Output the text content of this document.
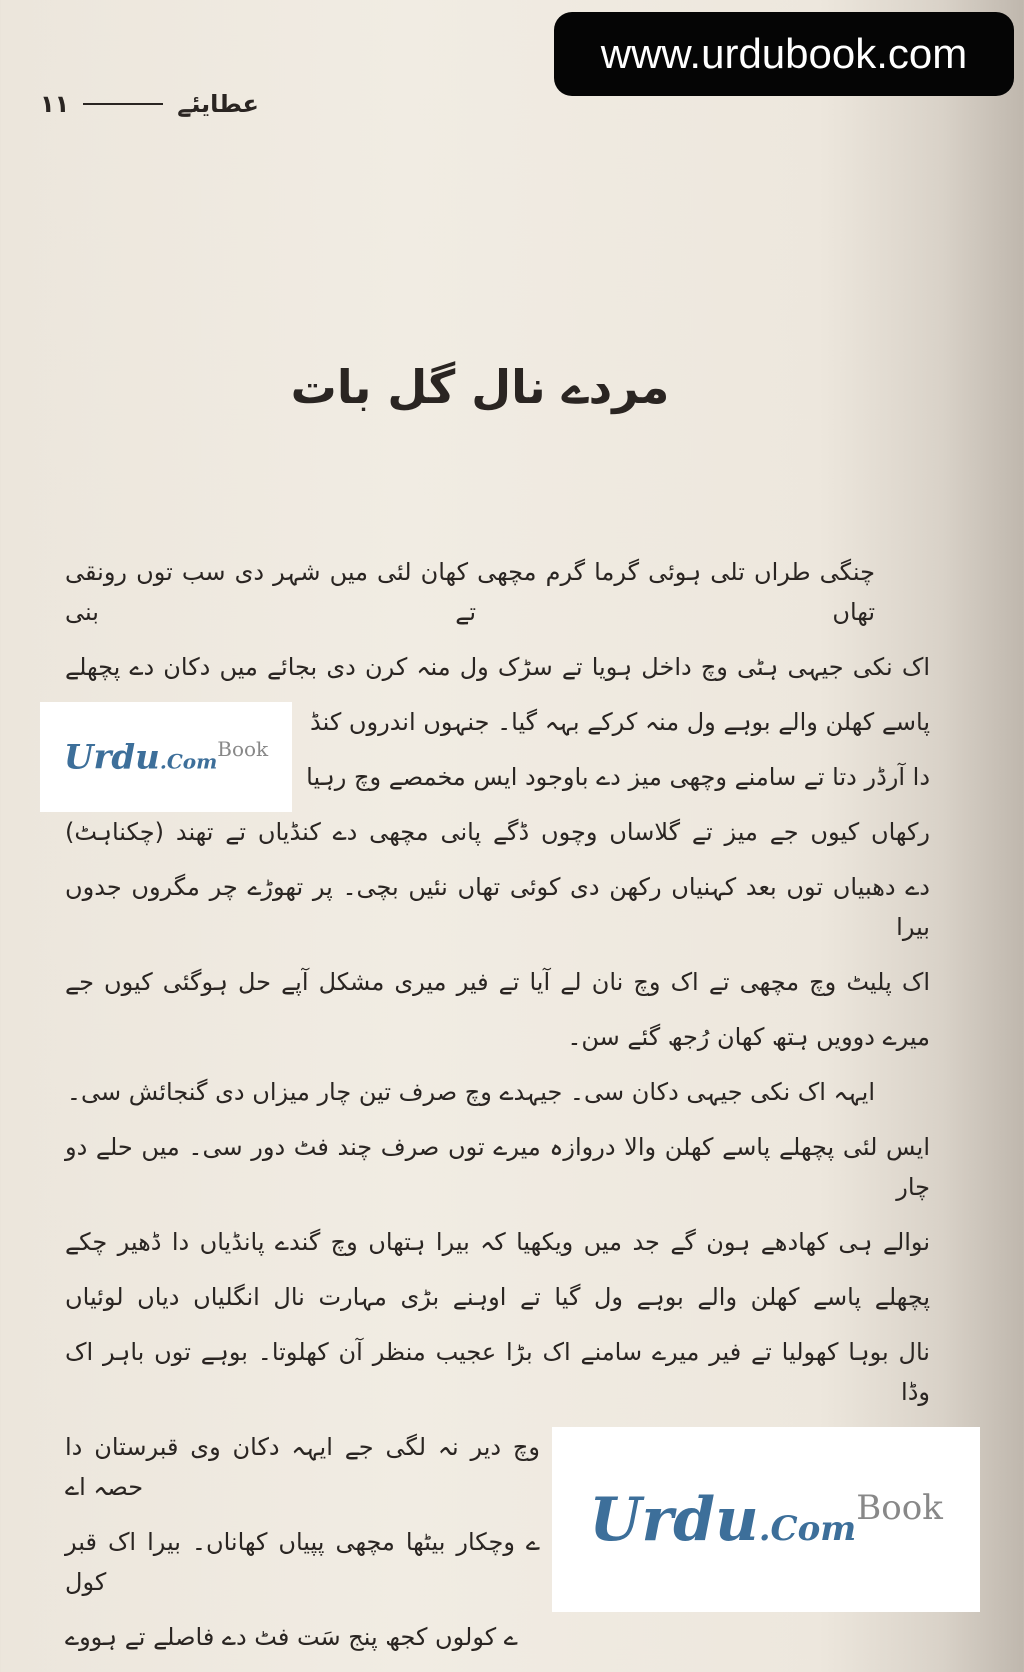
www.urdubook.com
عطایئے
۱۱
مردے نال گل بات
چنگی طراں تلی ہوئی گرما گرم مچھی کھان لئی میں شہر دی سب توں رونقی تھاں تے بنی
اک نکی جیہی ہٹی وچ داخل ہویا تے سڑک ول منہ کرن دی بجائے میں دکان دے پچھلے
Urdu.Com$^{Book}$
پاسے کھلن والے بوہے ول منہ کرکے بہہ گیا۔ جنہوں اندروں کنڈ
دا آرڈر دتا تے سامنے وچھی میز دے باوجود ایس مخمصے وچ رہیا
رکھاں کیوں جے میز تے گلاساں وچوں ڈگے پانی مچھی دے کنڈیاں تے تھند (چکناہٹ)
دے دھبیاں توں بعد کہنیاں رکھن دی کوئی تھاں نئیں بچی۔ پر تھوڑے چر مگروں جدوں بیرا
اک پلیٹ وچ مچھی تے اک وچ نان لے آیا تے فیر میری مشکل آپے حل ہوگئی کیوں جے
میرے دوویں ہتھ کھان رُجھ گئے سن۔
ایہہ اک نکی جیہی دکان سی۔ جیہدے وچ صرف تین چار میزاں دی گنجائش سی۔
ایس لئی پچھلے پاسے کھلن والا دروازہ میرے توں صرف چند فٹ دور سی۔ میں حلے دو چار
نوالے ہی کھادھے ہون گے جد میں ویکھیا کہ بیرا ہتھاں وچ گندے پانڈیاں دا ڈھیر چکے
پچھلے پاسے کھلن والے بوہے ول گیا تے اوہنے بڑی مہارت نال انگلیاں دیاں لوئیاں
نال بوہا کھولیا تے فیر میرے سامنے اک بڑا عجیب منظر آن کھلوتا۔ بوہے توں باہر اک وڈا
Urdu.Com$^{Book}$
وچ دیر نہ لگی جے ایہہ دکان وی قبرستان دا حصہ اے
ے وچکار بیٹھا مچھی پپیاں کھاناں۔ بیرا اک قبر کول
ے کولوں کجھ پنج سَت فٹ دے فاصلے تے ہووے
